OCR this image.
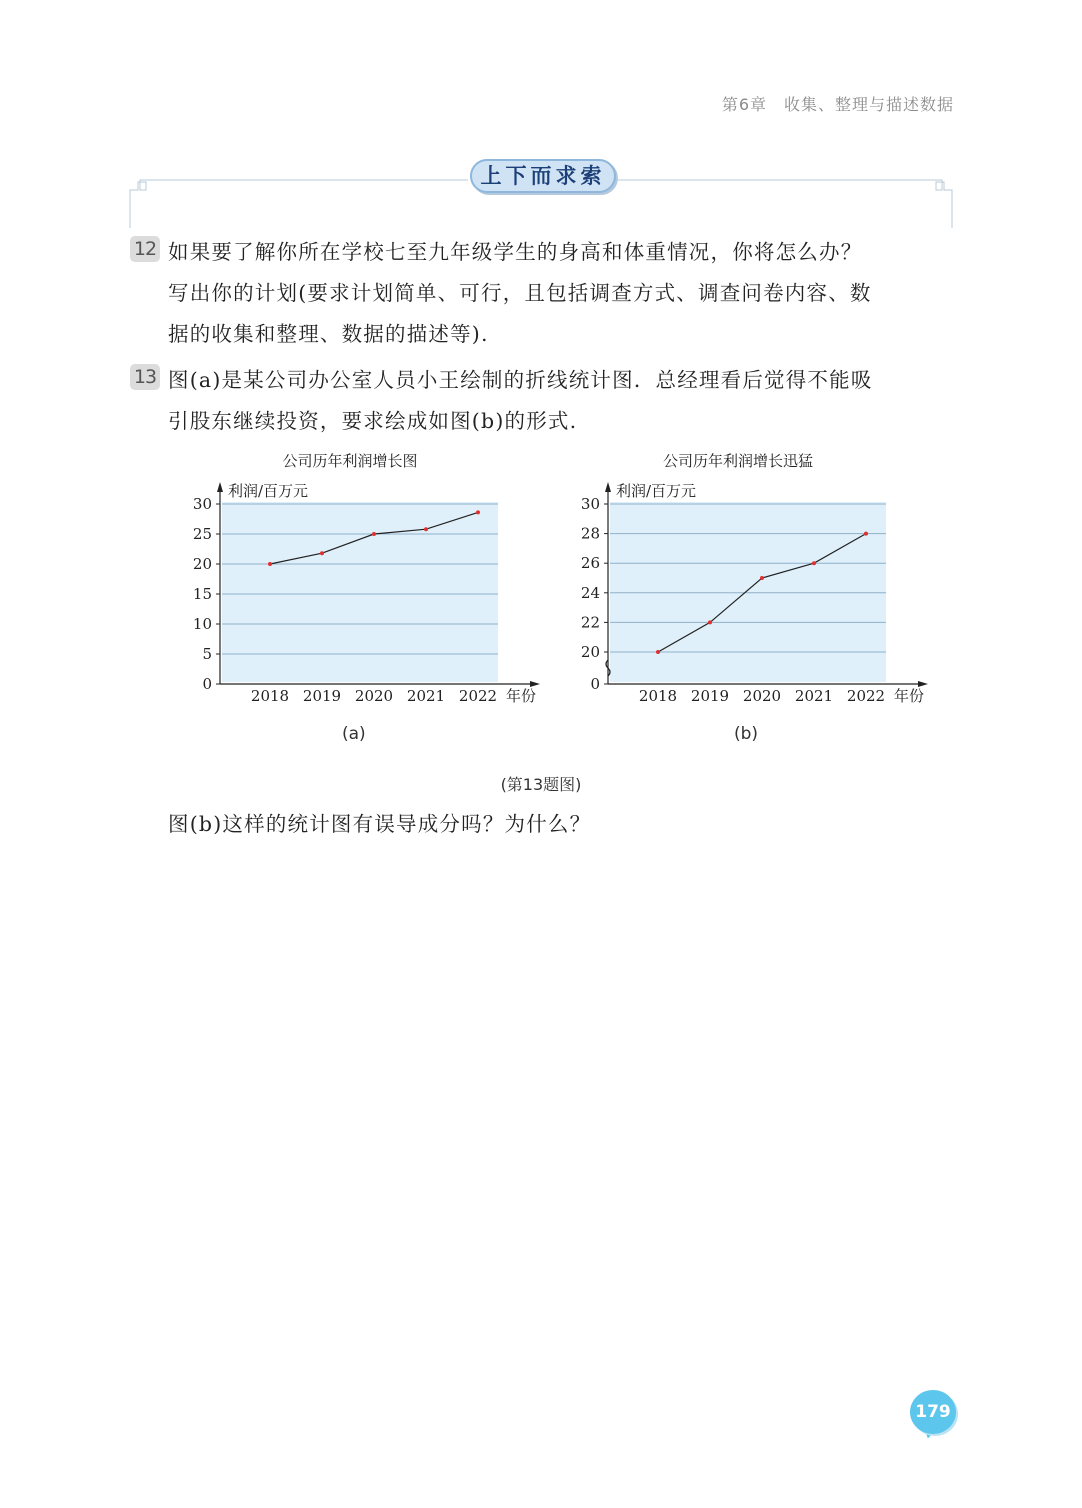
第6章　收集、整理与描述数据
上下而求索
12 如果要了解你所在学校七至九年级学生的身高和体重情况，你将怎么办？
写出你的计划(要求计划简单、可行，且包括调查方式、调查问卷内容、数
据的收集和整理、数据的描述等).
13 图(a)是某公司办公室人员小王绘制的折线统计图．总经理看后觉得不能吸
引股东继续投资，要求绘成如图(b)的形式.
公司历年利润增长图
利润/百万元
年份
0
5
10
15
20
25
30
2018 2019 2020 2021 2022
公司历年利润增长迅猛
利润/百万元
年份
0
20
22
24
26
28
30
2018 2019 2020 2021 2022
(a)	(b)
(第13题图)
图(b)这样的统计图有误导成分吗？为什么？
179
